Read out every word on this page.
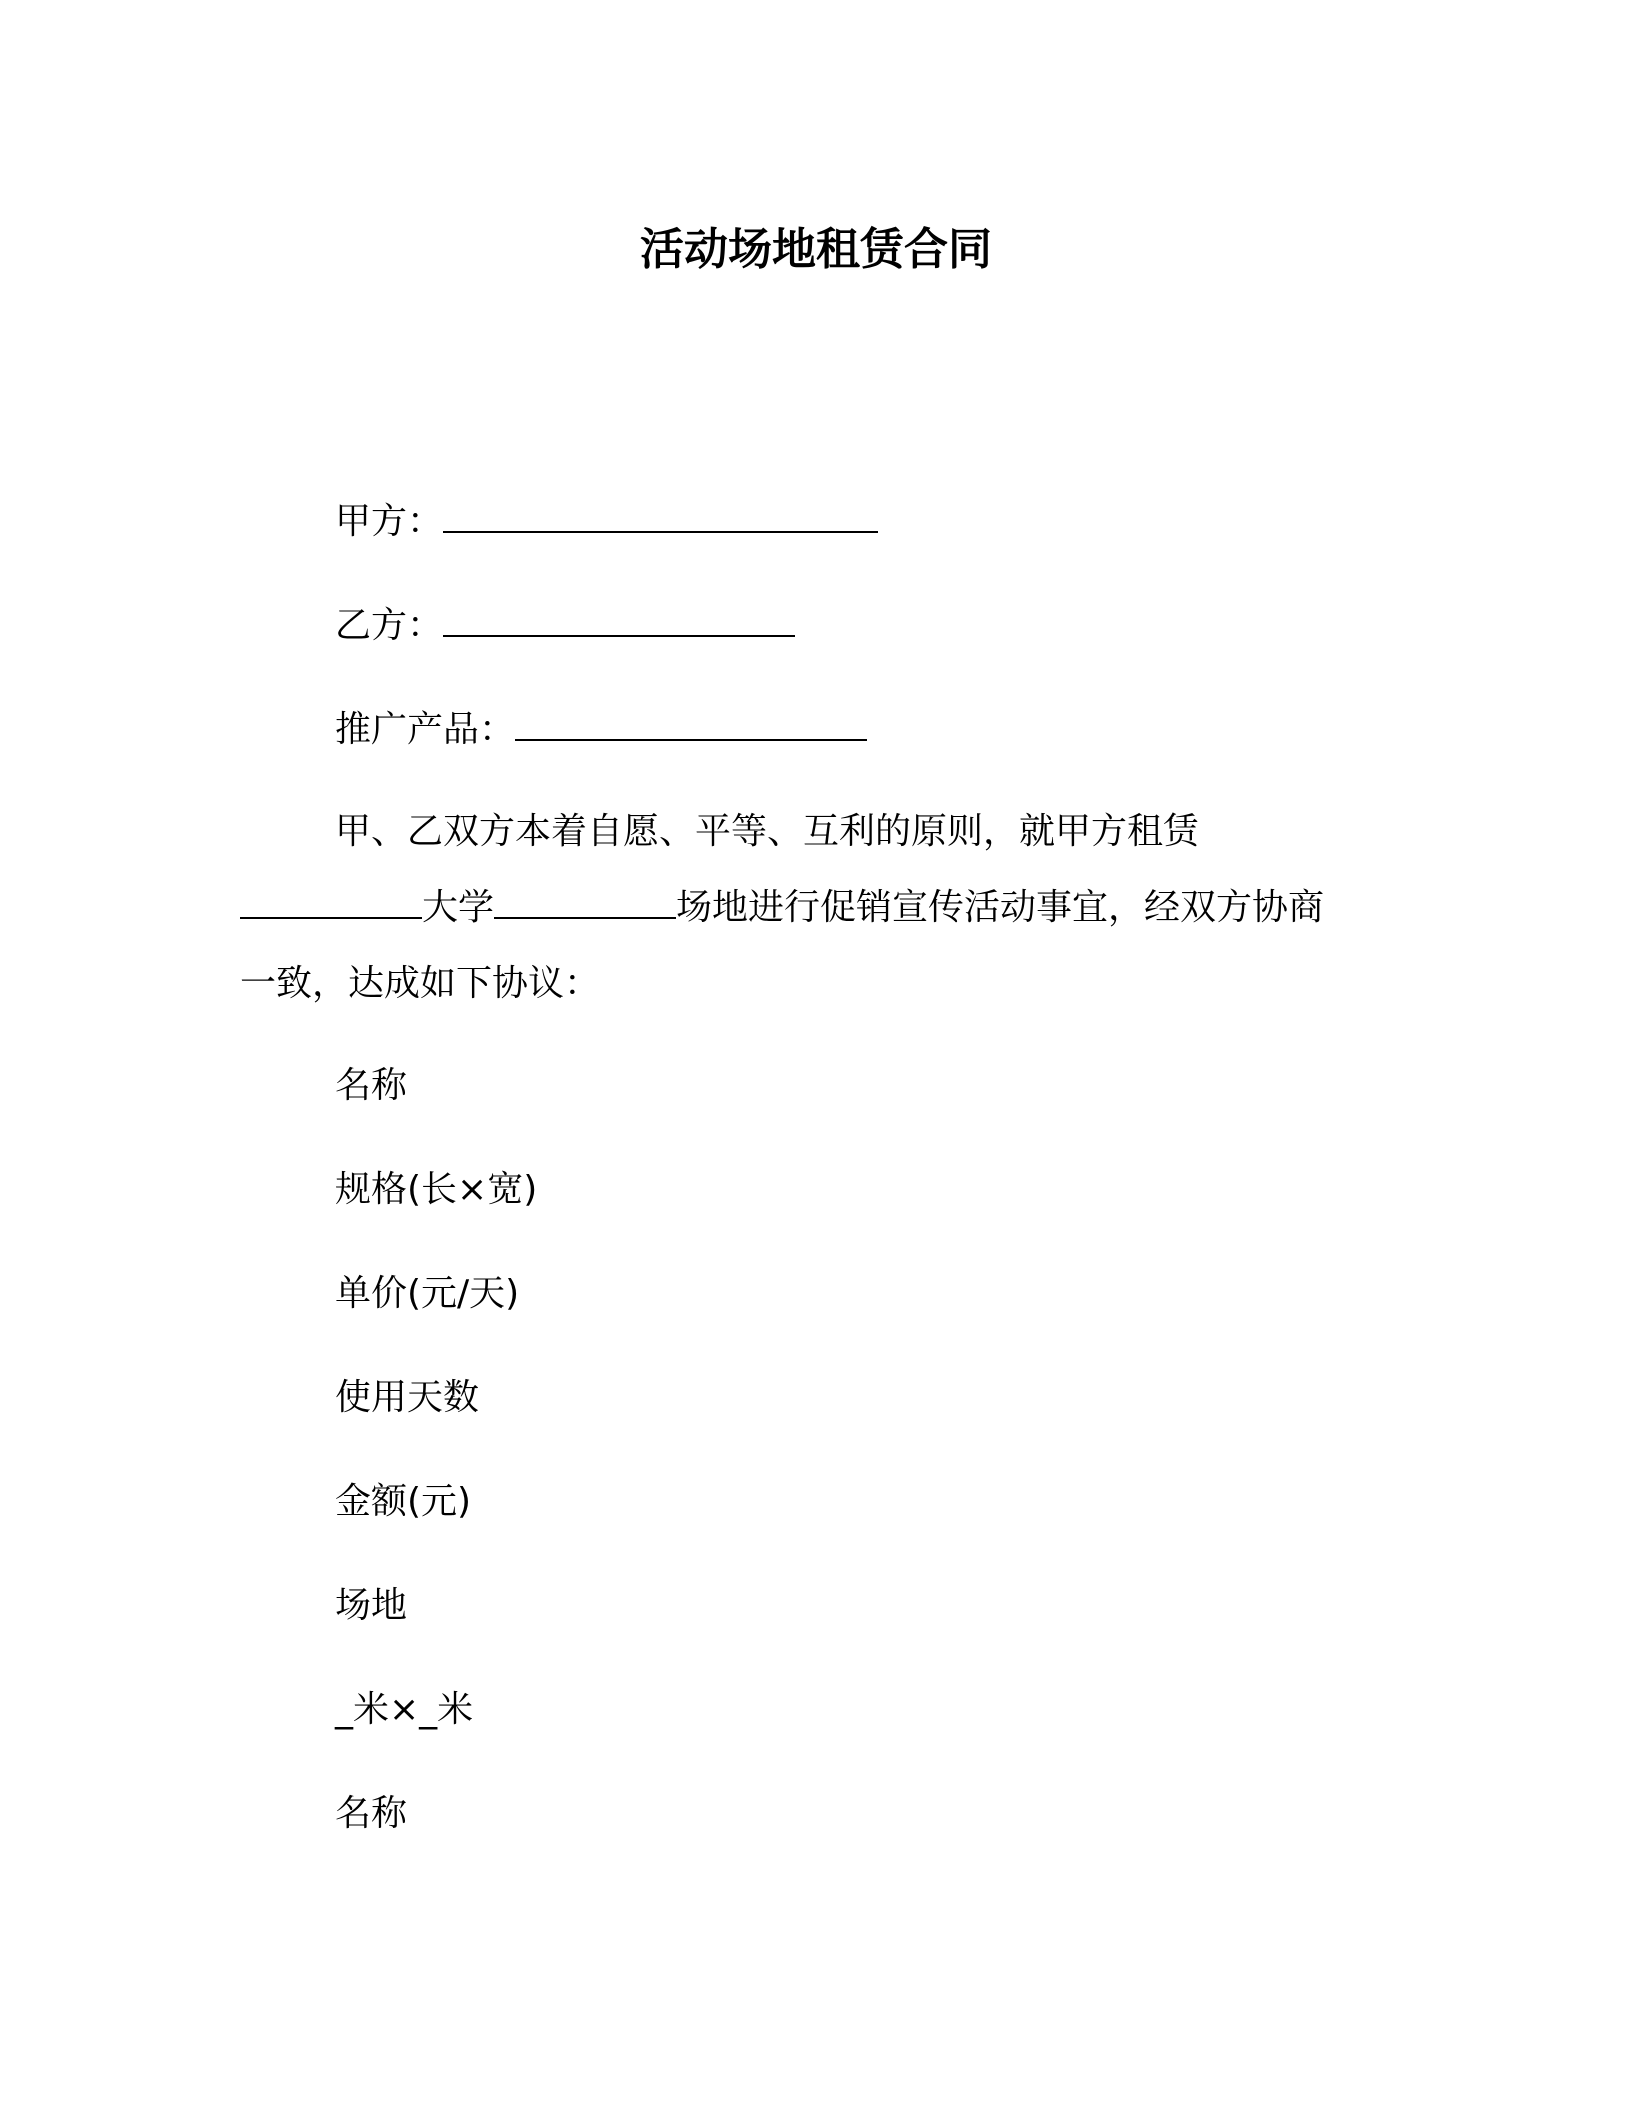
活动场地租赁合同
甲方：
乙方：
推广产品：
甲、乙双方本着自愿、平等、互利的原则，就甲方租赁
大学	场地进行促销宣传活动事宜，经双方协商
一致，达成如下协议：
名称
规格(长×宽)
单价(元/天)
使用天数
金额(元)
场地
_米×_米
名称
